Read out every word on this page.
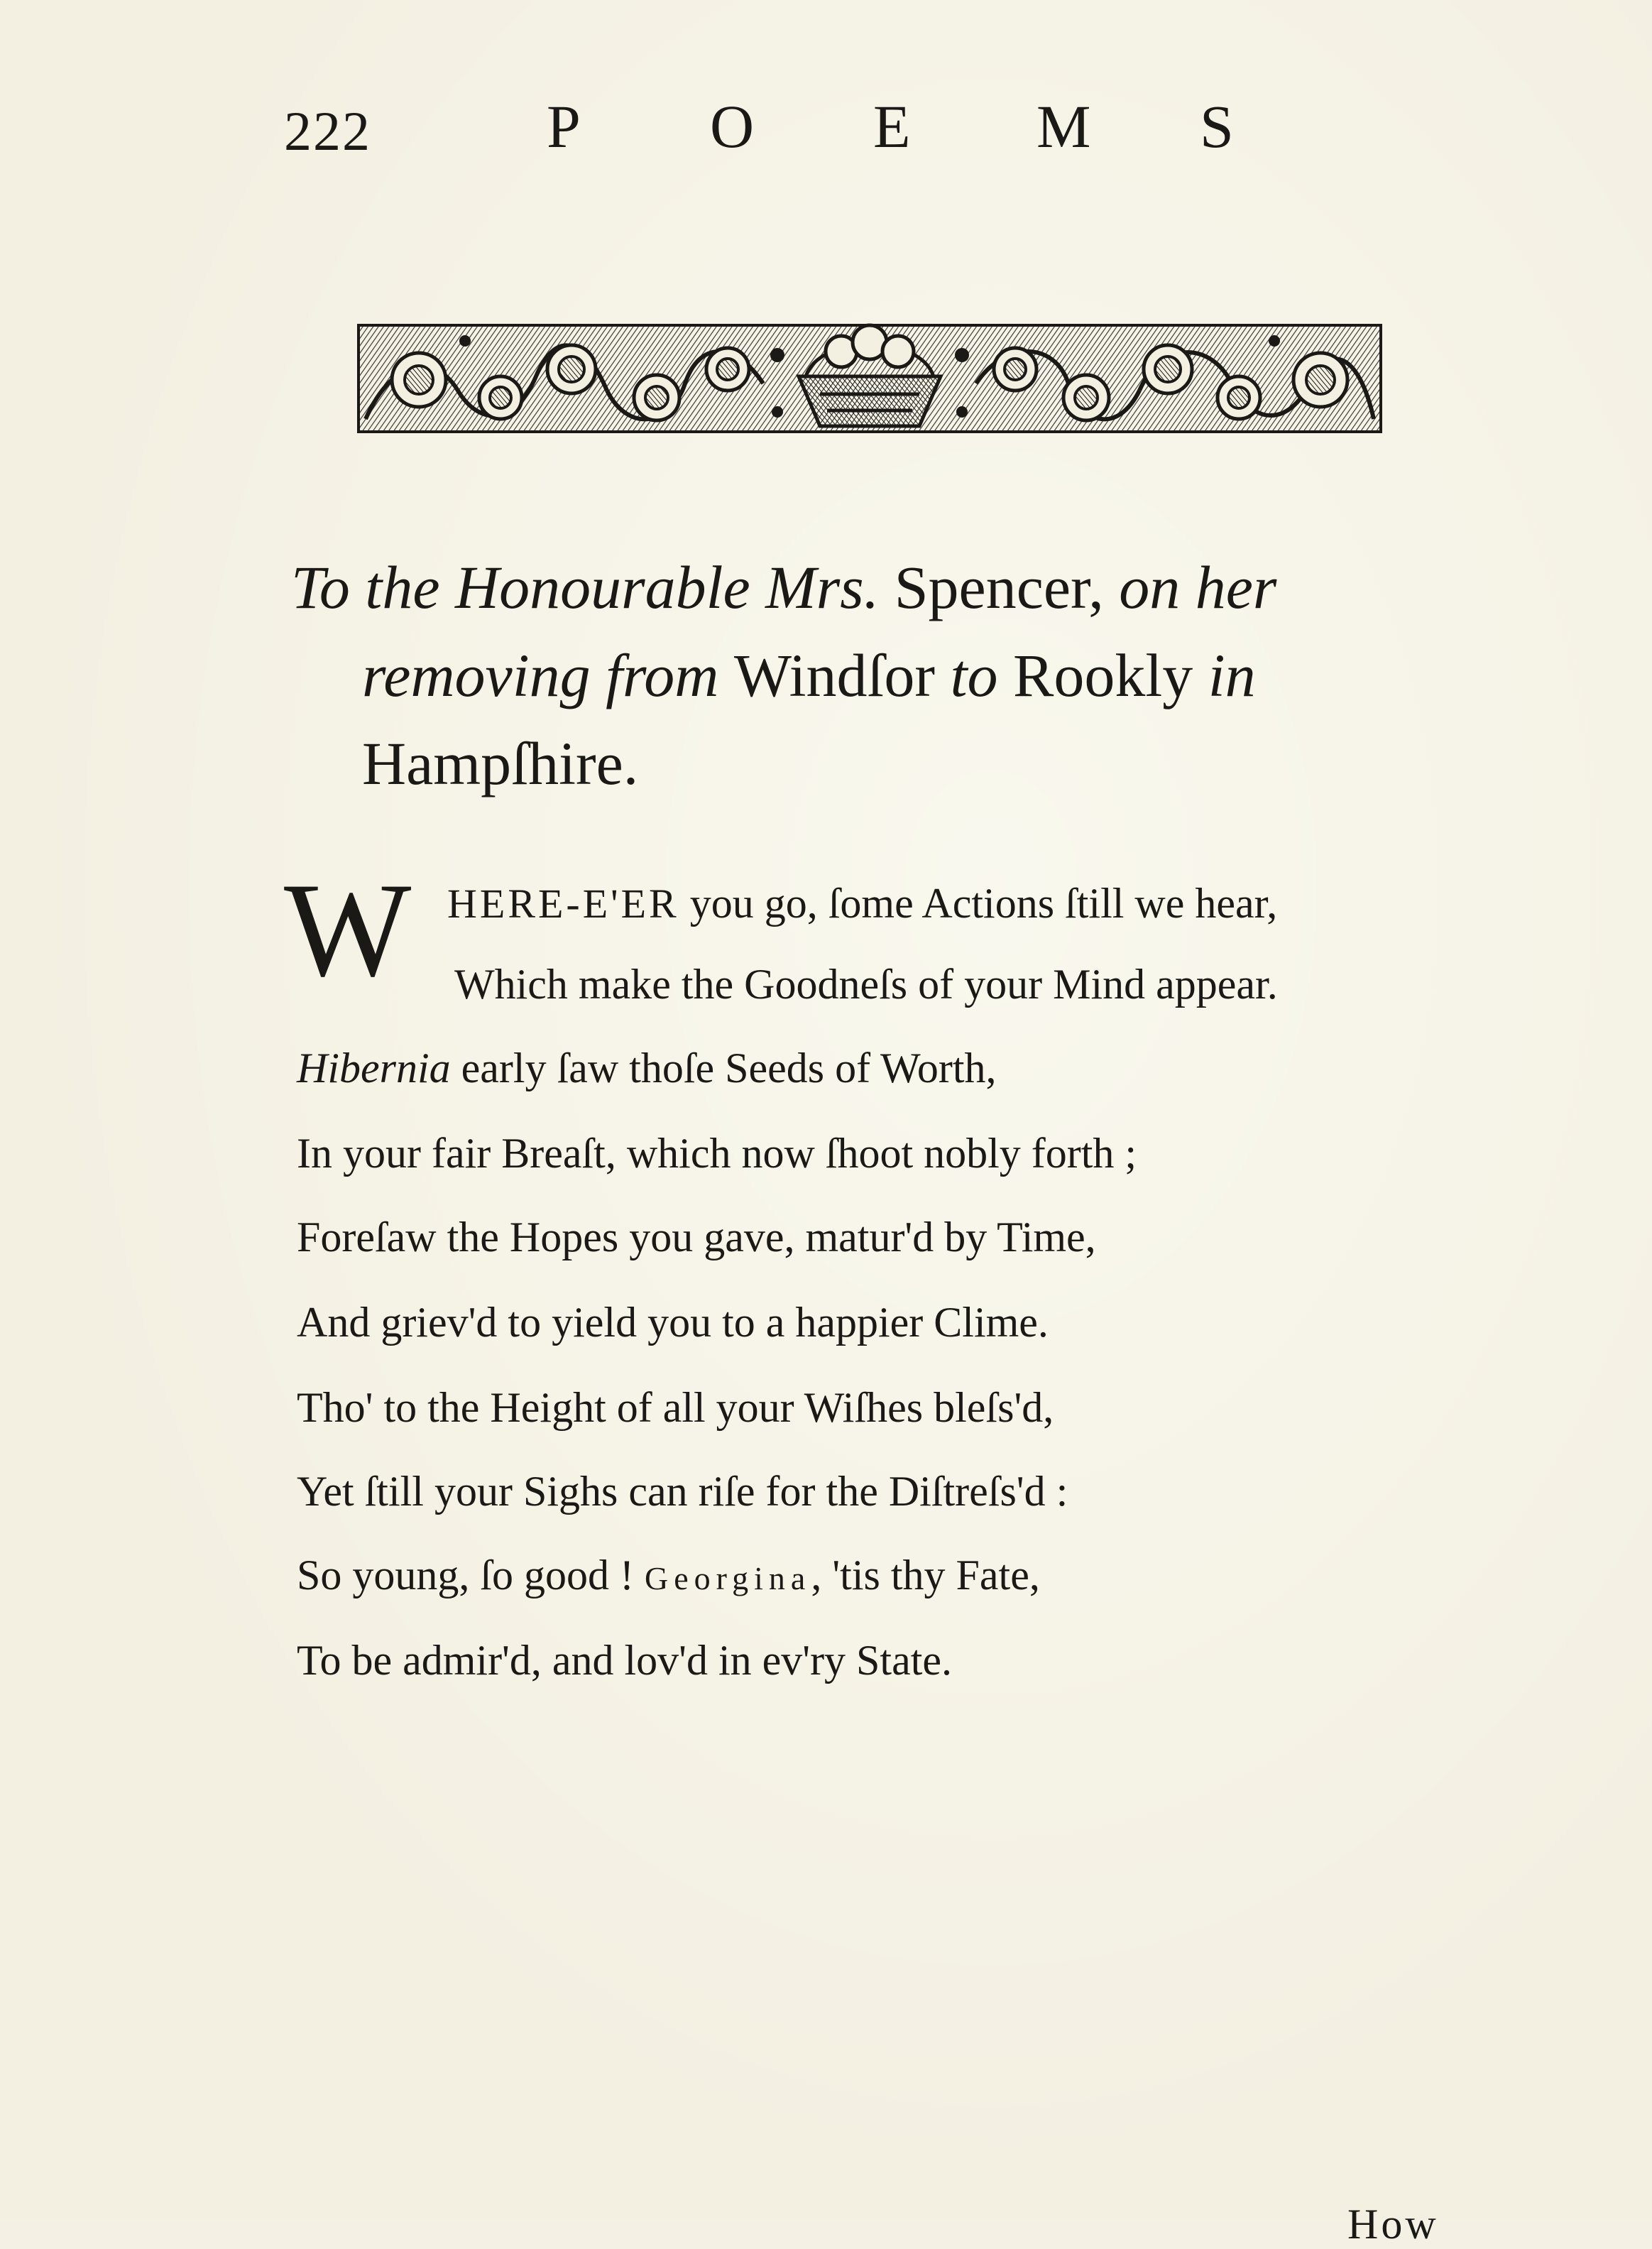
222	P O E M S
To the Honourable Mrs. Spencer, on her
removing from Windſor to Rookly in
Hampſhire.
W HERE-E'ER you go, ſome Actions ſtill we hear,
Which make the Goodneſs of your Mind appear.
Hibernia early ſaw thoſe Seeds of Worth,
In your fair Breaſt, which now ſhoot nobly forth ;
Foreſaw the Hopes you gave, matur'd by Time,
And griev'd to yield you to a happier Clime.
Tho' to the Height of all your Wiſhes bleſs'd,
Yet ſtill your Sighs can riſe for the Diſtreſs'd :
So young, ſo good ! Georgina, 'tis thy Fate,
To be admir'd, and lov'd in ev'ry State.
How
